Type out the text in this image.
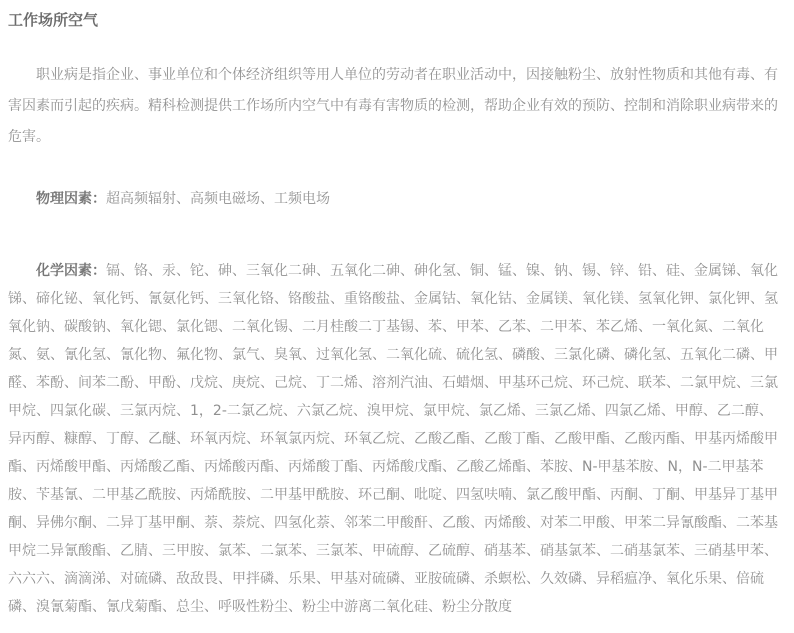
工作场所空气

职业病是指企业、事业单位和个体经济组织等用人单位的劳动者在职业活动中，因接触粉尘、放射性物质和其他有毒、有害因素而引起的疾病。精科检测提供工作场所内空气中有毒有害物质的检测，帮助企业有效的预防、控制和消除职业病带来的危害。

物理因素：超高频辐射、高频电磁场、工频电场

化学因素：镉、铬、汞、铊、砷、三氧化二砷、五氧化二砷、砷化氢、铜、锰、镍、钠、锡、锌、铅、硅、金属锑、氧化锑、碲化铋、氧化钙、氰氨化钙、三氧化铬、铬酸盐、重铬酸盐、金属钴、氧化钴、金属镁、氧化镁、氢氧化钾、氯化钾、氢氧化钠、碳酸钠、氧化锶、氯化锶、二氧化锡、二月桂酸二丁基锡、苯、甲苯、乙苯、二甲苯、苯乙烯、一氧化氮、二氧化氮、氨、氰化氢、氰化物、氟化物、氯气、臭氧、过氧化氢、二氧化硫、硫化氢、磷酸、三氯化磷、磷化氢、五氧化二磷、甲醛、苯酚、间苯二酚、甲酚、戊烷、庚烷、己烷、丁二烯、溶剂汽油、石蜡烟、甲基环己烷、环己烷、联苯、二氯甲烷、三氯甲烷、四氯化碳、三氯丙烷、1，2-二氯乙烷、六氯乙烷、溴甲烷、氯甲烷、氯乙烯、三氯乙烯、四氯乙烯、甲醇、乙二醇、异丙醇、糠醇、丁醇、乙醚、环氧丙烷、环氧氯丙烷、环氧乙烷、乙酸乙酯、乙酸丁酯、乙酸甲酯、乙酸丙酯、甲基丙烯酸甲酯、丙烯酸甲酯、丙烯酸乙酯、丙烯酸丙酯、丙烯酸丁酯、丙烯酸戊酯、乙酸乙烯酯、苯胺、N-甲基苯胺、N，N-二甲基苯胺、苄基氰、二甲基乙酰胺、丙烯酰胺、二甲基甲酰胺、环己酮、吡啶、四氢呋喃、氯乙酸甲酯、丙酮、丁酮、甲基异丁基甲酮、异佛尔酮、二异丁基甲酮、萘、萘烷、四氢化萘、邻苯二甲酸酐、乙酸、丙烯酸、对苯二甲酸、甲苯二异氰酸酯、二苯基甲烷二异氰酸酯、乙腈、三甲胺、氯苯、二氯苯、三氯苯、甲硫醇、乙硫醇、硝基苯、硝基氯苯、二硝基氯苯、三硝基甲苯、六六六、滴滴涕、对硫磷、敌敌畏、甲拌磷、乐果、甲基对硫磷、亚胺硫磷、杀螟松、久效磷、异稻瘟净、氧化乐果、倍硫磷、溴氰菊酯、氰戊菊酯、总尘、呼吸性粉尘、粉尘中游离二氧化硅、粉尘分散度
